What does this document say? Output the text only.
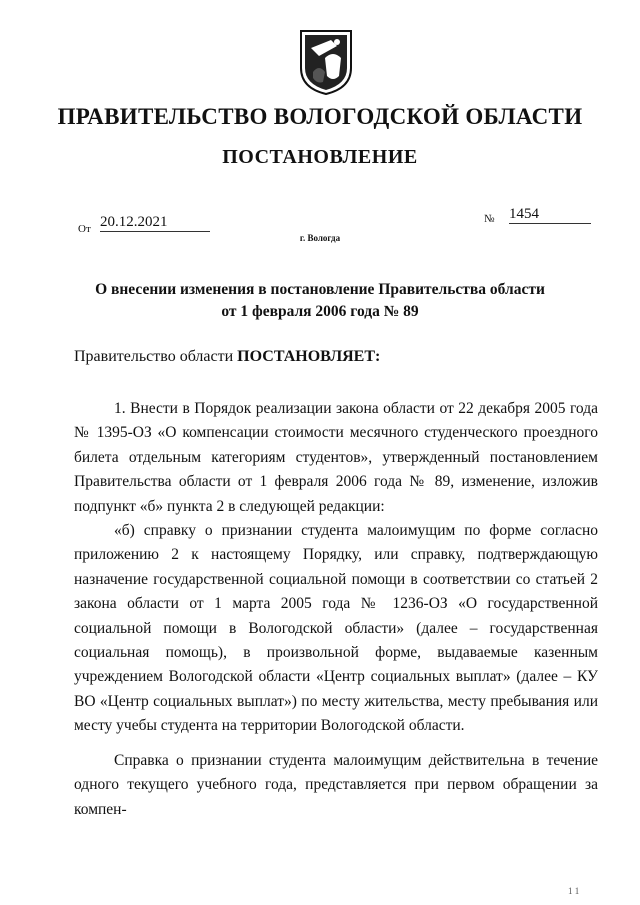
ПРАВИТЕЛЬСТВО ВОЛОГОДСКОЙ ОБЛАСТИ
ПОСТАНОВЛЕНИЕ
От 20.12.2021	№ 1454
г. Вологда
О внесении изменения в постановление Правительства области
от 1 февраля 2006 года № 89
Правительство области ПОСТАНОВЛЯЕТ:

1. Внести в Порядок реализации закона области от 22 декабря 2005 года № 1395-ОЗ «О компенсации стоимости месячного студенческого проездного билета отдельным категориям студентов», утвержденный постановлением Правительства области от 1 февраля 2006 года № 89, изменение, изложив подпункт «б» пункта 2 в следующей редакции:

«б) справку о признании студента малоимущим по форме согласно приложению 2 к настоящему Порядку, или справку, подтверждающую назначение государственной социальной помощи в соответствии со статьей 2 закона области от 1 марта 2005 года № 1236-ОЗ «О государственной социальной помощи в Вологодской области» (далее – государственная социальная помощь), в произвольной форме, выдаваемые казенным учреждением Вологодской области «Центр социальных выплат» (далее – КУ ВО «Центр социальных выплат») по месту жительства, месту пребывания или месту учебы студента на территории Вологодской области.

Справка о признании студента малоимущим действительна в течение одного текущего учебного года, представляется при первом обращении за компен-

1 1
